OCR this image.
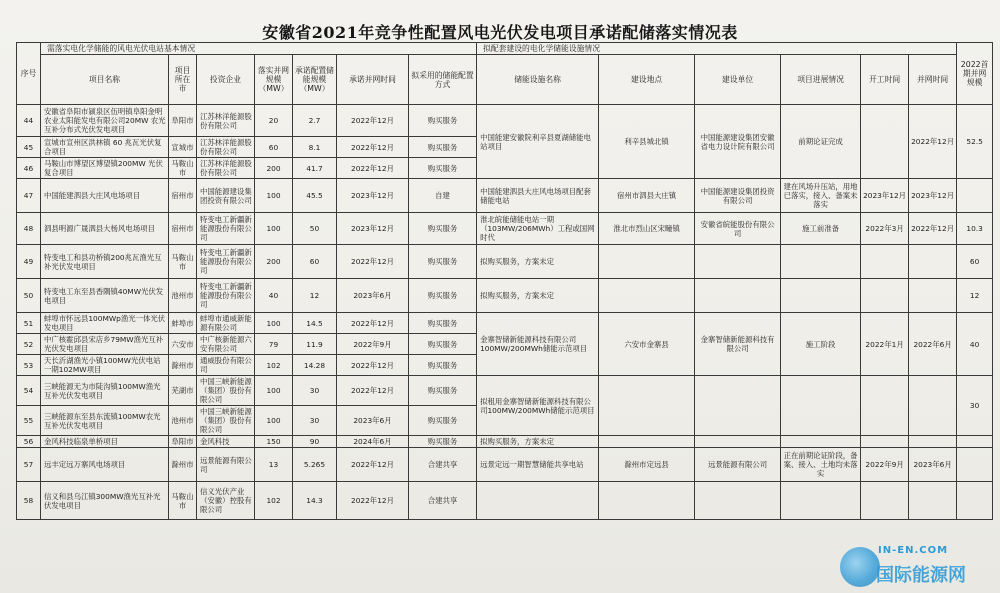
安徽省2021年竞争性配置风电光伏发电项目承诺配储落实情况表
序号	需落实电化学储能的风电光伏电站基本情况							拟配套建设的电化学储能设施情况						2022首期并网规模
	项目名称	项目所在市	投资企业	落实并网规模（MW）	承诺配置储能规模（MW）	承诺并网时间	拟采用的储能配置方式	储能设施名称	建设地点	建设单位	项目进展情况	开工时间	并网时间	
44	安徽省阜阳市颍泉区伍明镇阜阳金明农业太阳能发电有限公司20MW 农光互补分布式光伏发电项目	阜阳市	江苏林洋能源股份有限公司	20	2.7	2022年12月	购买服务	中国能建安徽院利辛县夏湖储能电站项目	利辛县城北镇	中国能源建设集团安徽省电力设计院有限公司	前期论证完成		2022年12月	52.5
45	宣城市宣州区洪林镇 60 兆瓦光伏复合项目	宣城市	江苏林洋能源股份有限公司	60	8.1	2022年12月	购买服务							
46	马鞍山市博望区博望镇200MW 光伏复合项目	马鞍山市	江苏林洋能源股份有限公司	200	41.7	2022年12月	购买服务							
47	中国能建泗县大庄风电场项目	宿州市	中国能源建设集团投资有限公司	100	45.5	2023年12月	自建	中国能建泗县大庄风电场项目配套储能电站	宿州市泗县大庄镇	中国能源建设集团投资有限公司	建在风场升压站，用地已落实，接入、备案未落实	2023年12月	2023年12月	
48	泗县明源广晟泗县大杨风电场项目	宿州市	特变电工新疆新能源股份有限公司	100	50	2023年12月	购买服务	淮北皖能储能电站一期（103MW/206MWh）工程或国网时代	淮北市烈山区宋疃镇	安徽省皖能股份有限公司	施工前准备	2022年3月	2022年12月	10.3
49	特变电工和县功桥镇200兆瓦渔光互补光伏发电项目	马鞍山市	特变电工新疆新能源股份有限公司	200	60	2022年12月	购买服务	拟购买服务，方案未定						60
50	特变电工东至县香隅镇40MW光伏发电项目	池州市	特变电工新疆新能源股份有限公司	40	12	2023年6月	购买服务	拟购买服务，方案未定						12
51	蚌埠市怀远县100MWp渔光一体光伏发电项目	蚌埠市	蚌埠市通威新能源有限公司	100	14.5	2022年12月	购买服务	金寨智储新能源科技有限公司100MW/200MWh储能示范项目	六安市金寨县	金寨智储新能源科技有限公司	施工阶段	2022年1月	2022年6月	40
52	中广核霍邱县宋店乡79MW渔光互补光伏发电项目	六安市	中广核新能源六安有限公司	79	11.9	2022年9月	购买服务							
53	天长沂湖渔光小镇100MW光伏电站一期102MW项目	滁州市	通威股份有限公司	102	14.28	2022年12月	购买服务							
54	三峡能源无为市陡沟镇100MW渔光互补光伏发电项目	芜湖市	中国三峡新能源（集团）股份有限公司	100	30	2022年12月	购买服务	拟租用金寨智储新能源科技有限公司100MW/200MWh储能示范项目						30
55	三峡能源东至县东流镇100MW农光互补光伏发电项目	池州市	中国三峡新能源（集团）股份有限公司	100	30	2023年6月	购买服务							
56	金风科技临泉单桥项目	阜阳市	金风科技	150	90	2024年6月	购买服务	拟购买服务，方案未定						
57	远丰定远万寨风电场项目	滁州市	远景能源有限公司	13	5.265	2022年12月	合建共享	远景定远一期智慧储能共享电站	滁州市定远县	远景能源有限公司	正在前期论证阶段，备案、接入、土地均未落实	2022年9月	2023年6月	
58	信义和县乌江镇300MW渔光互补光伏发电项目	马鞍山市	信义光伏产业（安徽）控股有限公司	102	14.3	2022年12月	合建共享							
IN-EN.COM
国际能源网
